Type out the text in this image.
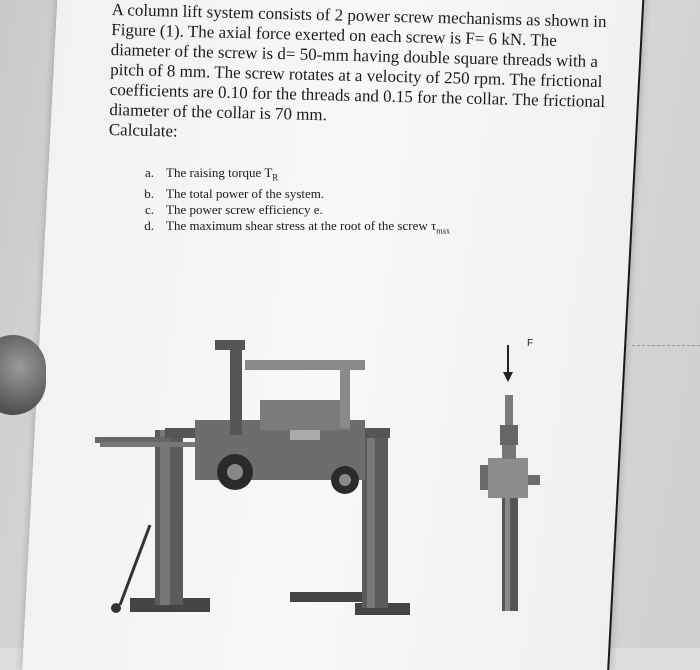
A column lift system consists of 2 power screw mechanisms as shown in Figure (1). The axial force exerted on each screw is F= 6 kN. The diameter of the screw is d= 50-mm having double square threads with a pitch of 8 mm. The screw rotates at a velocity of 250 rpm. The frictional coefficients are 0.10 for the threads and 0.15 for the collar. The frictional diameter of the collar is 70 mm.

Calculate:

a. The raising torque $T_R$
b. The total power of the system.
c. The power screw efficiency e.
d. The maximum shear stress at the root of the screw $\tau_{max}$
F
